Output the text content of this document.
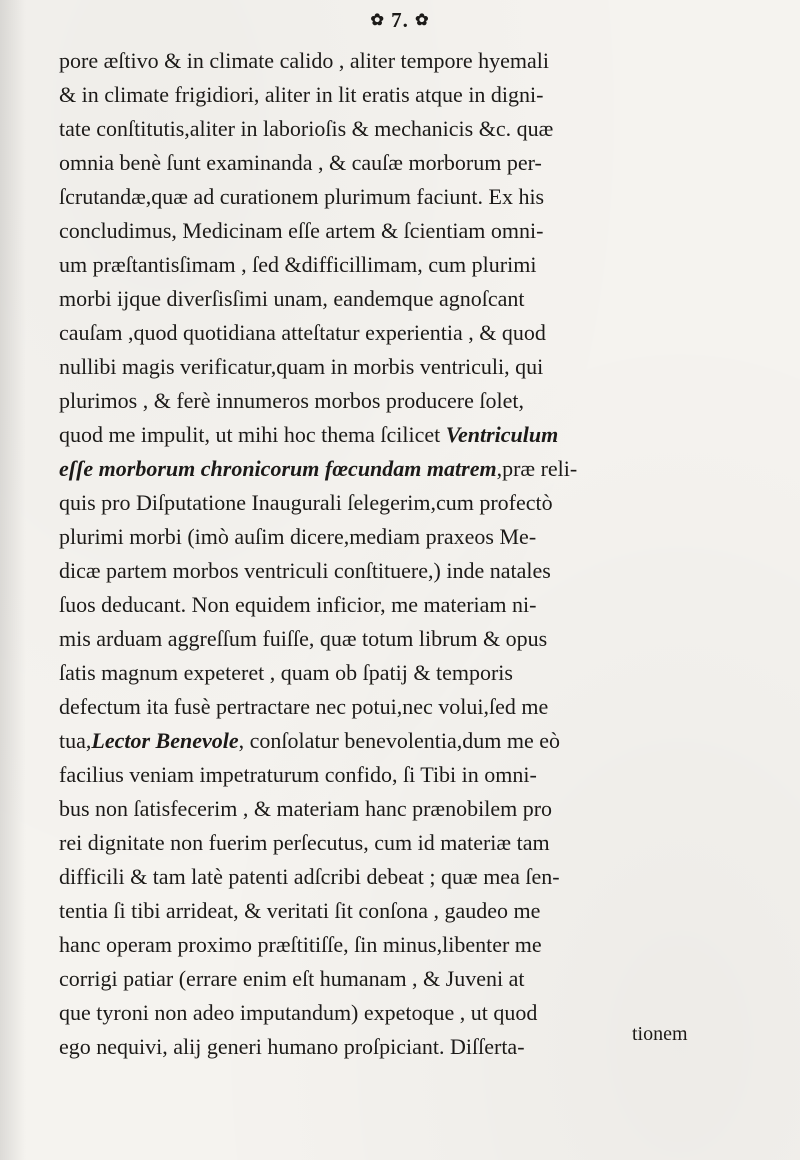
✿ 7. ✿
pore æſtivo & in climate calido , aliter tempore hyemali
& in climate frigidiori, aliter in lit eratis atque in digni-
tate conſtitutis,aliter in laborioſis & mechanicis &c. quæ
omnia benè ſunt examinanda , & cauſæ morborum per-
ſcrutandæ,quæ ad curationem plurimum faciunt. Ex his
concludimus, Medicinam eſſe artem & ſcientiam omni-
um præſtantisſimam , ſed &difficillimam, cum plurimi
morbi ijque diverſisſimi unam, eandemque agnoſcant
cauſam ,quod quotidiana atteſtatur experientia , & quod
nullibi magis verificatur,quam in morbis ventriculi, qui
plurimos , & ferè innumeros morbos producere ſolet,
quod me impulit, ut mihi hoc thema ſcilicet Ventriculum
eſſe morborum chronicorum fœcundam matrem,præ reli-
quis pro Diſputatione Inaugurali ſelegerim,cum profectò
plurimi morbi (imò auſim dicere,mediam praxeos Me-
dicæ partem morbos ventriculi conſtituere,) inde natales
ſuos deducant. Non equidem inficior, me materiam ni-
mis arduam aggreſſum fuiſſe, quæ totum librum & opus
ſatis magnum expeteret , quam ob ſpatij & temporis
defectum ita fusè pertractare nec potui,nec volui,ſed me
tua,Lector Benevole, conſolatur benevolentia,dum me eò
facilius veniam impetraturum confido, ſi Tibi in omni-
bus non ſatisfecerim , & materiam hanc prænobilem pro
rei dignitate non fuerim perſecutus, cum id materiæ tam
difficili & tam latè patenti adſcribi debeat ; quæ mea ſen-
tentia ſi tibi arrideat, & veritati ſit conſona , gaudeo me
hanc operam proximo præſtitiſſe, ſin minus,libenter me
corrigi patiar (errare enim eſt humanam , & Juveni at
que tyroni non adeo imputandum) expetoque , ut quod
ego nequivi, alij generi humano proſpiciant. Diſſerta-	tionem
